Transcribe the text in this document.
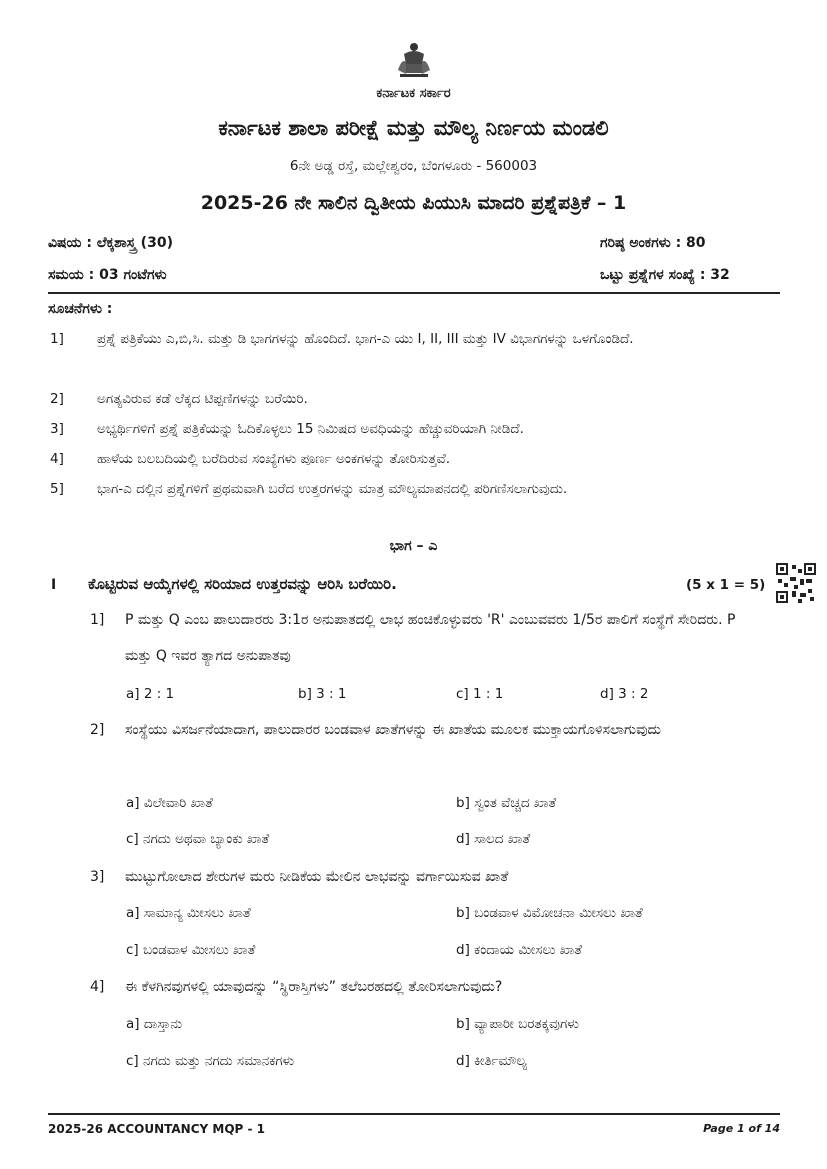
ಕರ್ನಾಟಕ ಸರ್ಕಾರ
ಕರ್ನಾಟಕ ಶಾಲಾ ಪರೀಕ್ಷೆ ಮತ್ತು ಮೌಲ್ಯ ನಿರ್ಣಯ ಮಂಡಲಿ
6ನೇ ಅಡ್ಡ ರಸ್ತೆ, ಮಲ್ಲೇಶ್ವರಂ, ಬೆಂಗಳೂರು - 560003
2025-26 ನೇ ಸಾಲಿನ ದ್ವಿತೀಯ ಪಿಯುಸಿ ಮಾದರಿ ಪ್ರಶ್ನೆಪತ್ರಿಕೆ – 1
ವಿಷಯ : ಲೆಕ್ಕಶಾಸ್ತ್ರ (30)	ಗರಿಷ್ಠ ಅಂಕಗಳು : 80
ಸಮಯ : 03 ಗಂಟೆಗಳು	ಒಟ್ಟು ಪ್ರಶ್ನೆಗಳ ಸಂಖ್ಯೆ : 32
ಸೂಚನೆಗಳು :
1] ಪ್ರಶ್ನೆ ಪತ್ರಿಕೆಯು ಎ,ಬಿ,ಸಿ. ಮತ್ತು ಡಿ ಭಾಗಗಳನ್ನು ಹೊಂದಿದೆ. ಭಾಗ-ಎ ಯು I, II, III ಮತ್ತು IV ವಿಭಾಗಗಳನ್ನು ಒಳಗೊಂಡಿದೆ.
2] ಅಗತ್ಯವಿರುವ ಕಡೆ ಲೆಕ್ಕದ ಟಿಪ್ಪಣಿಗಳನ್ನು ಬರೆಯಿರಿ.
3] ಅಭ್ಯರ್ಥಿಗಳಿಗೆ ಪ್ರಶ್ನೆ ಪತ್ರಿಕೆಯನ್ನು ಓದಿಕೊಳ್ಳಲು 15 ನಿಮಿಷದ ಅವಧಿಯನ್ನು ಹೆಚ್ಚುವರಿಯಾಗಿ ನೀಡಿದೆ.
4] ಹಾಳೆಯ ಬಲಬದಿಯಲ್ಲಿ ಬರೆದಿರುವ ಸಂಖ್ಯೆಗಳು ಪೂರ್ಣ ಅಂಕಗಳನ್ನು ತೋರಿಸುತ್ತವೆ.
5] ಭಾಗ-ಎ ದಲ್ಲಿನ ಪ್ರಶ್ನೆಗಳಿಗೆ ಪ್ರಥಮವಾಗಿ ಬರೆದ ಉತ್ತರಗಳನ್ನು ಮಾತ್ರ ಮೌಲ್ಯಮಾಪನದಲ್ಲಿ ಪರಿಗಣಿಸಲಾಗುವುದು.
ಭಾಗ – ಎ
I ಕೊಟ್ಟಿರುವ ಆಯ್ಕೆಗಳಲ್ಲಿ ಸರಿಯಾದ ಉತ್ತರವನ್ನು ಆರಿಸಿ ಬರೆಯಿರಿ.	(5 x 1 = 5)
1] P ಮತ್ತು Q ಎಂಬ ಪಾಲುದಾರರು 3:1ರ ಅನುಪಾತದಲ್ಲಿ ಲಾಭ ಹಂಚಿಕೊಳ್ಳುವರು 'R' ಎಂಬುವವರು 1/5ರ ಪಾಲಿಗೆ ಸಂಸ್ಥೆಗೆ ಸೇರಿದರು. P ಮತ್ತು Q ಇವರ ತ್ಯಾಗದ ಅನುಪಾತವು
a] 2 : 1	b] 3 : 1	c] 1 : 1	d] 3 : 2
2] ಸಂಸ್ಥೆಯು ವಿಸರ್ಜನೆಯಾದಾಗ, ಪಾಲುದಾರರ ಬಂಡವಾಳ ಖಾತೆಗಳನ್ನು ಈ ಖಾತೆಯ ಮೂಲಕ ಮುಕ್ತಾಯಗೊಳಿಸಲಾಗುವುದು
a] ವಿಲೇವಾರಿ ಖಾತೆ	b] ಸ್ವಂತ ವೆಚ್ಚದ ಖಾತೆ
c] ನಗದು ಅಥವಾ ಬ್ಯಾಂಕು ಖಾತೆ	d] ಸಾಲದ ಖಾತೆ
3] ಮುಟ್ಟುಗೋಲಾದ ಶೇರುಗಳ ಮರು ನೀಡಿಕೆಯ ಮೇಲಿನ ಲಾಭವನ್ನು ವರ್ಗಾಯಿಸುವ ಖಾತೆ
a] ಸಾಮಾನ್ಯ ಮೀಸಲು ಖಾತೆ	b] ಬಂಡವಾಳ ವಿಮೋಚನಾ ಮೀಸಲು ಖಾತೆ
c] ಬಂಡವಾಳ ಮೀಸಲು ಖಾತೆ	d] ಕಂದಾಯ ಮೀಸಲು ಖಾತೆ
4] ಈ ಕೆಳಗಿನವುಗಳಲ್ಲಿ ಯಾವುದನ್ನು “ಸ್ಥಿರಾಸ್ತಿಗಳು” ತಲೆಬರಹದಲ್ಲಿ ತೋರಿಸಲಾಗುವುದು?
a] ದಾಸ್ತಾನು	b] ವ್ಯಾಪಾರೀ ಬರತಕ್ಕವುಗಳು
c] ನಗದು ಮತ್ತು ನಗದು ಸಮಾನಕಗಳು	d] ಕೀರ್ತಿಮೌಲ್ಯ
2025-26 ACCOUNTANCY MQP - 1	Page 1 of 14
